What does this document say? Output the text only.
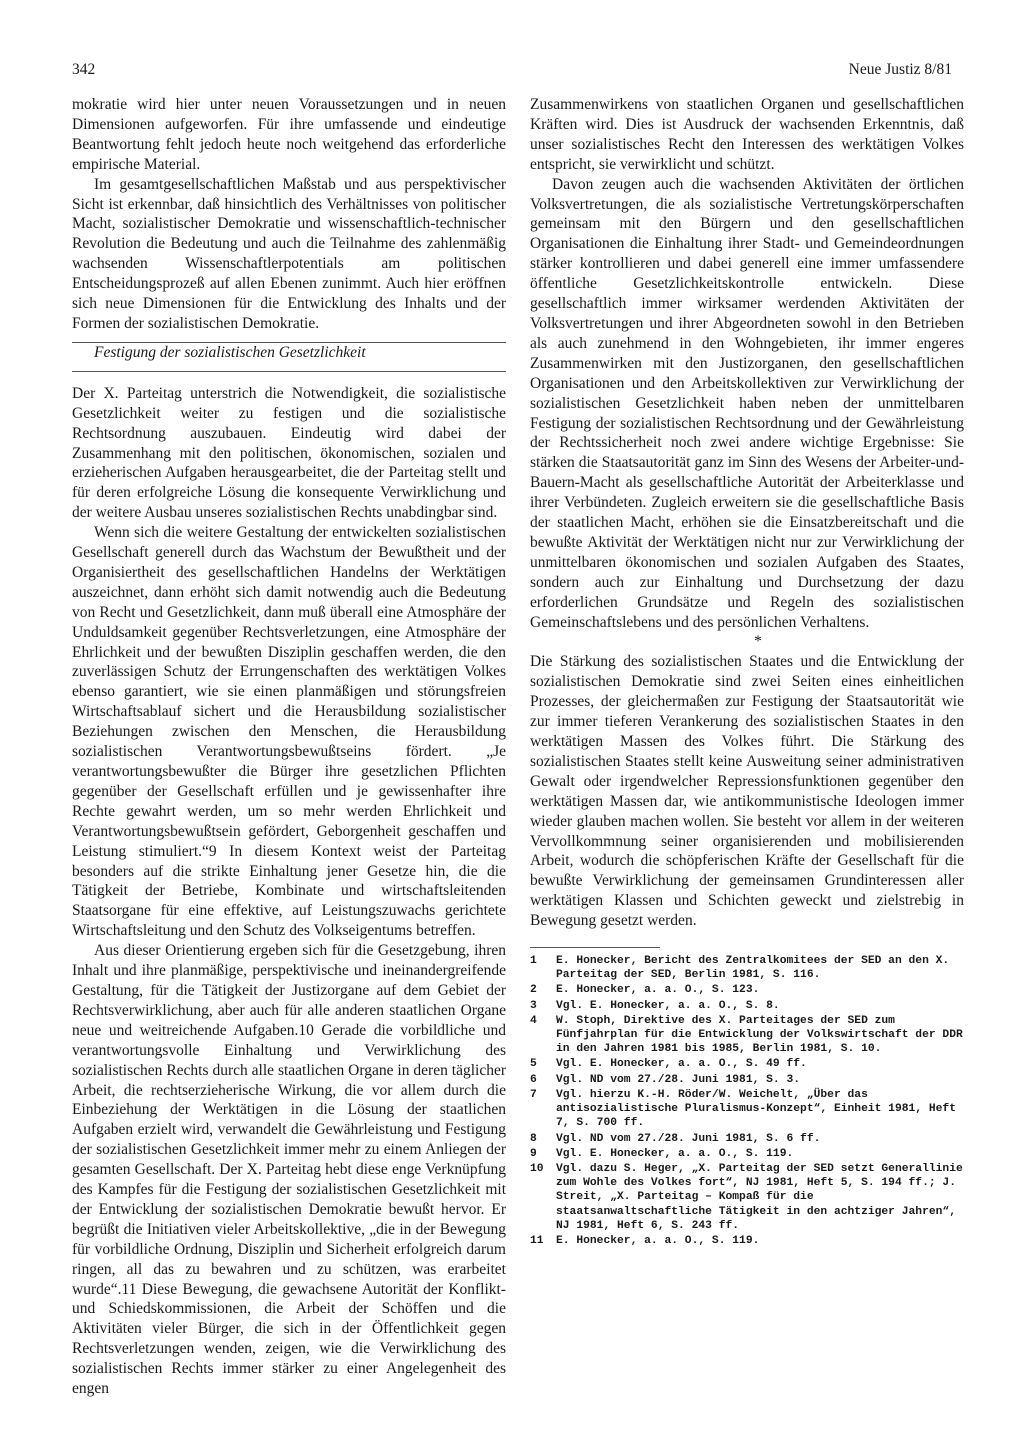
342	Neue Justiz 8/81

mokratie wird hier unter neuen Voraussetzungen und in neuen Dimensionen aufgeworfen. Für ihre umfassende und eindeutige Beantwortung fehlt jedoch heute noch weitgehend das erforderliche empirische Material.

Im gesamtgesellschaftlichen Maßstab und aus perspektivischer Sicht ist erkennbar, daß hinsichtlich des Verhältnisses von politischer Macht, sozialistischer Demokratie und wissenschaftlich-technischer Revolution die Bedeutung und auch die Teilnahme des zahlenmäßig wachsenden Wissenschaftlerpotentials am politischen Entscheidungsprozeß auf allen Ebenen zunimmt. Auch hier eröffnen sich neue Dimensionen für die Entwicklung des Inhalts und der Formen der sozialistischen Demokratie.

Festigung der sozialistischen Gesetzlichkeit

Der X. Parteitag unterstrich die Notwendigkeit, die sozialistische Gesetzlichkeit weiter zu festigen und die sozialistische Rechtsordnung auszubauen. Eindeutig wird dabei der Zusammenhang mit den politischen, ökonomischen, sozialen und erzieherischen Aufgaben herausgearbeitet, die der Parteitag stellt und für deren erfolgreiche Lösung die konsequente Verwirklichung und der weitere Ausbau unseres sozialistischen Rechts unabdingbar sind.

Wenn sich die weitere Gestaltung der entwickelten sozialistischen Gesellschaft generell durch das Wachstum der Bewußtheit und der Organisiertheit des gesellschaftlichen Handelns der Werktätigen auszeichnet, dann erhöht sich damit notwendig auch die Bedeutung von Recht und Gesetzlichkeit, dann muß überall eine Atmosphäre der Unduldsamkeit gegenüber Rechtsverletzungen, eine Atmosphäre der Ehrlichkeit und der bewußten Disziplin geschaffen werden, die den zuverlässigen Schutz der Errungenschaften des werktätigen Volkes ebenso garantiert, wie sie einen planmäßigen und störungsfreien Wirtschaftsablauf sichert und die Herausbildung sozialistischer Beziehungen zwischen den Menschen, die Herausbildung sozialistischen Verantwortungsbewußtseins fördert. „Je verantwortungsbewußter die Bürger ihre gesetzlichen Pflichten gegenüber der Gesellschaft erfüllen und je gewissenhafter ihre Rechte gewahrt werden, um so mehr werden Ehrlichkeit und Verantwortungsbewußtsein gefördert, Geborgenheit geschaffen und Leistung stimuliert.“9 In diesem Kontext weist der Parteitag besonders auf die strikte Einhaltung jener Gesetze hin, die die Tätigkeit der Betriebe, Kombinate und wirtschaftsleitenden Staatsorgane für eine effektive, auf Leistungszuwachs gerichtete Wirtschaftsleitung und den Schutz des Volkseigentums betreffen.

Aus dieser Orientierung ergeben sich für die Gesetzgebung, ihren Inhalt und ihre planmäßige, perspektivische und ineinandergreifende Gestaltung, für die Tätigkeit der Justizorgane auf dem Gebiet der Rechtsverwirklichung, aber auch für alle anderen staatlichen Organe neue und weitreichende Aufgaben.10 Gerade die vorbildliche und verantwortungsvolle Einhaltung und Verwirklichung des sozialistischen Rechts durch alle staatlichen Organe in deren täglicher Arbeit, die rechtserzieherische Wirkung, die vor allem durch die Einbeziehung der Werktätigen in die Lösung der staatlichen Aufgaben erzielt wird, verwandelt die Gewährleistung und Festigung der sozialistischen Gesetzlichkeit immer mehr zu einem Anliegen der gesamten Gesellschaft. Der X. Parteitag hebt diese enge Verknüpfung des Kampfes für die Festigung der sozialistischen Gesetzlichkeit mit der Entwicklung der sozialistischen Demokratie bewußt hervor. Er begrüßt die Initiativen vieler Arbeitskollektive, „die in der Bewegung für vorbildliche Ordnung, Disziplin und Sicherheit erfolgreich darum ringen, all das zu bewahren und zu schützen, was erarbeitet wurde“.11 Diese Bewegung, die gewachsene Autorität der Konflikt- und Schiedskommissionen, die Arbeit der Schöffen und die Aktivitäten vieler Bürger, die sich in der Öffentlichkeit gegen Rechtsverletzungen wenden, zeigen, wie die Verwirklichung des sozialistischen Rechts immer stärker zu einer Angelegenheit des engen

Zusammenwirkens von staatlichen Organen und gesellschaftlichen Kräften wird. Dies ist Ausdruck der wachsenden Erkenntnis, daß unser sozialistisches Recht den Interessen des werktätigen Volkes entspricht, sie verwirklicht und schützt.

Davon zeugen auch die wachsenden Aktivitäten der örtlichen Volksvertretungen, die als sozialistische Vertretungskörperschaften gemeinsam mit den Bürgern und den gesellschaftlichen Organisationen die Einhaltung ihrer Stadt- und Gemeindeordnungen stärker kontrollieren und dabei generell eine immer umfassendere öffentliche Gesetzlichkeitskontrolle entwickeln. Diese gesellschaftlich immer wirksamer werdenden Aktivitäten der Volksvertretungen und ihrer Abgeordneten sowohl in den Betrieben als auch zunehmend in den Wohngebieten, ihr immer engeres Zusammenwirken mit den Justizorganen, den gesellschaftlichen Organisationen und den Arbeitskollektiven zur Verwirklichung der sozialistischen Gesetzlichkeit haben neben der unmittelbaren Festigung der sozialistischen Rechtsordnung und der Gewährleistung der Rechtssicherheit noch zwei andere wichtige Ergebnisse: Sie stärken die Staatsautorität ganz im Sinn des Wesens der Arbeiter-und-Bauern-Macht als gesellschaftliche Autorität der Arbeiterklasse und ihrer Verbündeten. Zugleich erweitern sie die gesellschaftliche Basis der staatlichen Macht, erhöhen sie die Einsatzbereitschaft und die bewußte Aktivität der Werktätigen nicht nur zur Verwirklichung der unmittelbaren ökonomischen und sozialen Aufgaben des Staates, sondern auch zur Einhaltung und Durchsetzung der dazu erforderlichen Grundsätze und Regeln des sozialistischen Gemeinschaftslebens und des persönlichen Verhaltens.

*

Die Stärkung des sozialistischen Staates und die Entwicklung der sozialistischen Demokratie sind zwei Seiten eines einheitlichen Prozesses, der gleichermaßen zur Festigung der Staatsautorität wie zur immer tieferen Verankerung des sozialistischen Staates in den werktätigen Massen des Volkes führt. Die Stärkung des sozialistischen Staates stellt keine Ausweitung seiner administrativen Gewalt oder irgendwelcher Repressionsfunktionen gegenüber den werktätigen Massen dar, wie antikommunistische Ideologen immer wieder glauben machen wollen. Sie besteht vor allem in der weiteren Vervollkommnung seiner organisierenden und mobilisierenden Arbeit, wodurch die schöpferischen Kräfte der Gesellschaft für die bewußte Verwirklichung der gemeinsamen Grundinteressen aller werktätigen Klassen und Schichten geweckt und zielstrebig in Bewegung gesetzt werden.

1	E. Honecker, Bericht des Zentralkomitees der SED an den X. Parteitag der SED, Berlin 1981, S. 116.
2	E. Honecker, a. a. O., S. 123.
3	Vgl. E. Honecker, a. a. O., S. 8.
4	W. Stoph, Direktive des X. Parteitages der SED zum Fünfjahrplan für die Entwicklung der Volkswirtschaft der DDR in den Jahren 1981 bis 1985, Berlin 1981, S. 10.
5	Vgl. E. Honecker, a. a. O., S. 49 ff.
6	Vgl. ND vom 27./28. Juni 1981, S. 3.
7	Vgl. hierzu K.-H. Röder/W. Weichelt, „Über das antisozialistische Pluralismus-Konzept“, Einheit 1981, Heft 7, S. 700 ff.
8	Vgl. ND vom 27./28. Juni 1981, S. 6 ff.
9	Vgl. E. Honecker, a. a. O., S. 119.
10	Vgl. dazu S. Heger, „X. Parteitag der SED setzt Generallinie zum Wohle des Volkes fort“, NJ 1981, Heft 5, S. 194 ff.; J. Streit, „X. Parteitag – Kompaß für die staatsanwaltschaftliche Tätigkeit in den achtziger Jahren“, NJ 1981, Heft 6, S. 243 ff.
11	E. Honecker, a. a. O., S. 119.
